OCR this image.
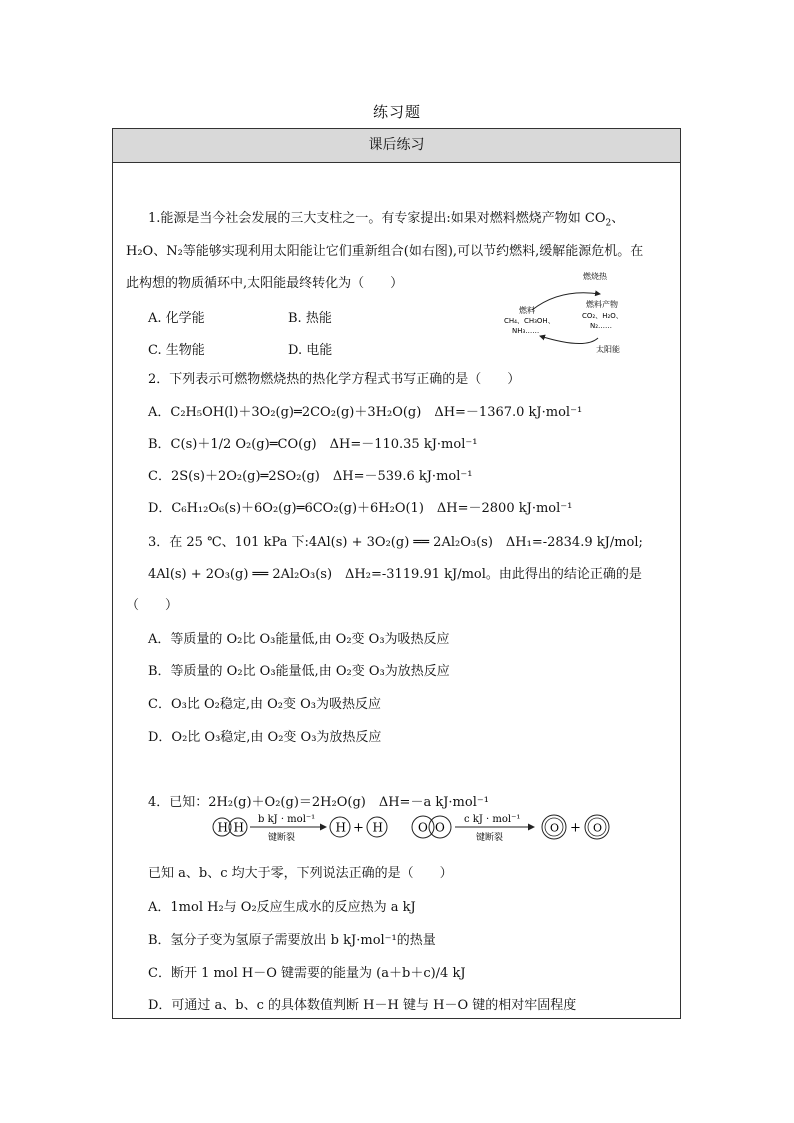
练习题
课后练习
1.能源是当今社会发展的三大支柱之一。有专家提出:如果对燃料燃烧产物如 $CO_2$、
H₂O、N₂等能够实现利用太阳能让它们重新组合(如右图),可以节约燃料,缓解能源危机。在
此构想的物质循环中,太阳能最终转化为（　　）
A. 化学能	B. 热能
C. 生物能	D. 电能
燃烧热
燃料
CH₄、CH₃OH、
NH₃……
燃料产物
CO₂、H₂O、
N₂……
太阳能
2．下列表示可燃物燃烧热的热化学方程式书写正确的是（　　）
A．C₂H₅OH(l)＋3O₂(g)═2CO₂(g)＋3H₂O(g)　ΔH=－1367.0 kJ·mol⁻¹
B．C(s)＋1/2 O₂(g)═CO(g)　ΔH=－110.35 kJ·mol⁻¹
C．2S(s)＋2O₂(g)═2SO₂(g)　ΔH=－539.6 kJ·mol⁻¹
D．C₆H₁₂O₆(s)＋6O₂(g)═6CO₂(g)＋6H₂O(1)　ΔH=－2800 kJ·mol⁻¹
3．在 25 ℃、101 kPa 下:4Al(s) + 3O₂(g) ══ 2Al₂O₃(s)　ΔH₁=-2834.9 kJ/mol;
4Al(s) + 2O₃(g) ══ 2Al₂O₃(s)　ΔH₂=-3119.91 kJ/mol。由此得出的结论正确的是
（　　）
A．等质量的 O₂比 O₃能量低,由 O₂变 O₃为吸热反应
B．等质量的 O₂比 O₃能量低,由 O₂变 O₃为放热反应
C．O₃比 O₂稳定,由 O₂变 O₃为吸热反应
D．O₂比 O₃稳定,由 O₂变 O₃为放热反应
4．已知：2H₂(g)＋O₂(g)＝2H₂O(g)　ΔH=－a kJ·mol⁻¹
H H
b kJ · mol⁻¹
键断裂
H + H	O O
c kJ · mol⁻¹
键断裂
O + O
已知 a、b、c 均大于零，下列说法正确的是（　　）
A．1mol H₂与 O₂反应生成水的反应热为 a kJ
B．氢分子变为氢原子需要放出 b kJ·mol⁻¹的热量
C．断开 1 mol H－O 键需要的能量为 (a＋b＋c)/4 kJ
D．可通过 a、b、c 的具体数值判断 H－H 键与 H－O 键的相对牢固程度
